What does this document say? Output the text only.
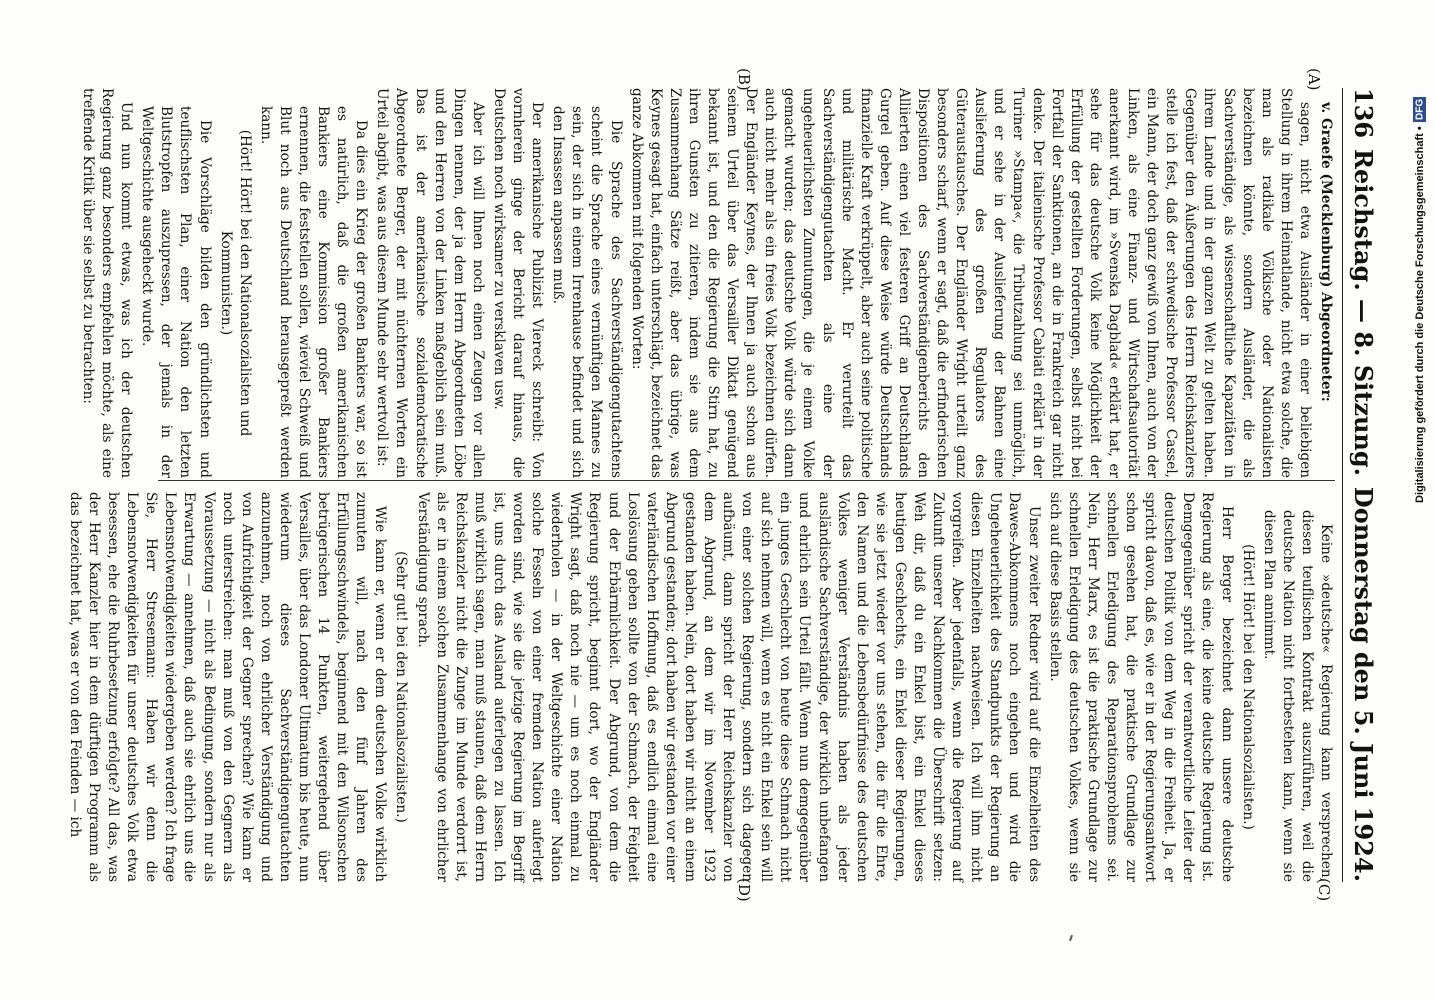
136
Reichstag. — 8. Sitzung.
Donnerstag den 5. Juni 1924.

v. Graefe (Mecklenburg) Abgeordneter:

sagen, nicht etwa Ausländer in einer beliebigen Stellung in ihrem Heimatlande, nicht etwa solche, die man als radikale Völkische oder Nationalisten bezeichnen könnte, sondern Ausländer, die als Sachverständige, als wissenschaftliche Kapazitäten in ihrem Lande und in der ganzen Welt zu gelten haben. Gegenüber den Äußerungen des Herrn Reichskanzlers stelle ich fest, daß der schwedische Professor Cassel, ein Mann, der doch ganz gewiß von Ihnen, auch von der Linken, als eine Finanz- und Wirtschaftsautorität anerkannt wird, im »Svenska Dagblad« erklärt hat, er sehe für das deutsche Volk keine Möglichkeit der Erfüllung der gestellten Forderungen, selbst nicht bei Fortfall der Sanktionen, an die in Frankreich gar nicht denke. Der italienische Professor Cabiati erklärt in der Turiner »Stampa«, die Tributzahlung sei unmöglich, und er sehe in der Auslieferung der Bahnen eine Auslieferung des großen Regulators des Güteraustausches. Der Engländer Wright urteilt ganz besonders scharf, wenn er sagt, daß die erfinderischen Dispositionen des Sachverständigenberichts den Alliierten einen viel festeren Griff an Deutschlands Gurgel geben. Auf diese Weise würde Deutschlands finanzielle Kraft verkrüppelt, aber auch seine politische und militärische Macht. Er verurteilt das Sachverständigengutachten als eine der ungeheuerlichsten Zumutungen, die je einem Volke gemacht wurden; das deutsche Volk würde sich dann auch nicht mehr als ein freies Volk bezeichnen dürfen. Der Engländer Keynes, der Ihnen ja auch schon aus seinem Urteil über das Versailler Diktat genügend bekannt ist, und den die Regierung die Stirn hat, zu ihren Gunsten zu zitieren, indem sie aus dem Zusammenhang Sätze reißt, aber das übrige, was Keynes gesagt hat, einfach unterschlägt, bezeichnet das ganze Abkommen mit folgenden Worten:

Die Sprache des Sachverständigengutachtens scheint die Sprache eines vernünftigen Mannes zu sein, der sich in einem Irrenhause befindet und sich den Insassen anpassen muß.

Der amerikanische Publizist Viereck schreibt: Von vornherein ginge der Bericht darauf hinaus, die Deutschen noch wirksamer zu versklaven usw.

Aber ich will Ihnen noch einen Zeugen vor allen Dingen nennen, der ja dem Herrn Abgeordneten Löbe und den Herren von der Linken maßgeblich sein muß. Das ist der amerikanische sozialdemokratische Abgeordnete Berger, der mit nüchternen Worten ein Urteil abgibt, was aus diesem Munde sehr wertvoll ist:

Da dies ein Krieg der großen Bankiers war, so ist es natürlich, daß die großen amerikanischen Bankiers eine Kommission großer Bankiers ernennen, die feststellen sollen, wieviel Schweiß und Blut noch aus Deutschland herausgepreßt werden kann.

(Hört! Hört! bei den Nationalsozialisten und Kommunisten.)

Die Vorschläge bilden den gründlichsten und teuflischsten Plan, einer Nation den letzten Blutstropfen auszupressen, der jemals in der Weltgeschichte ausgeheckt wurde.

Und nun kommt etwas, was ich der deutschen Regierung ganz besonders empfehlen möchte, als eine treffende Kritik über sie selbst zu betrachten:

Keine »deutsche« Regierung kann versprechen, diesen teuflischen Kontrakt auszuführen, weil die deutsche Nation nicht fortbestehen kann, wenn sie diesen Plan annimmt.

(Hört! Hört! bei den Nationalsozialisten.)

Herr Berger bezeichnet dann unsere deutsche Regierung als eine, die keine deutsche Regierung ist. Demgegenüber spricht der verantwortliche Leiter der deutschen Politik von dem Weg in die Freiheit. Ja, er spricht davon, daß es, wie er in der Regierungsantwort schon gesehen hat, die praktische Grundlage zur schnellen Erledigung des Reparationsproblems sei. Nein, Herr Marx, es ist die praktische Grundlage zur schnellen Erledigung des deutschen Volkes, wenn sie sich auf diese Basis stellen.

Unser zweiter Redner wird auf die Einzelheiten des Dawes-Abkommens noch eingehen und wird die Ungeheuerlichkeit des Standpunkts der Regierung an diesen Einzelheiten nachweisen. Ich will ihm nicht vorgreifen. Aber jedenfalls, wenn die Regierung auf Zukunft unserer Nachkommen die Überschrift setzen: Weh dir, daß du ein Enkel bist, ein Enkel dieses heutigen Geschlechts, ein Enkel dieser Regierungen, wie sie jetzt wieder vor uns stehen, die für die Ehre, den Namen und die Lebensbedürfnisse des deutschen Volkes weniger Verständnis haben als jeder ausländische Sachverständige, der wirklich unbefangen und ehrlich sein Urteil fällt. Wenn nun demgegenüber ein junges Geschlecht von heute diese Schmach nicht auf sich nehmen will, wenn es nicht ein Enkel sein will von einer solchen Regierung, sondern sich dagegen aufbäumt, dann spricht der Herr Reichskanzler von dem Abgrund, an dem wir im November 1923 gestanden haben. Nein, dort haben wir nicht an einem Abgrund gestanden; dort haben wir gestanden vor einer vaterländischen Hoffnung, daß es endlich einmal eine Loslösung geben sollte von der Schmach, der Feigheit und der Erbärmlichkeit. Der Abgrund, von dem die Regierung spricht, beginnt dort, wo der Engländer Wright sagt, daß noch nie — um es noch einmal zu wiederholen — in der Weltgeschichte einer Nation solche Fesseln von einer fremden Nation auferlegt worden sind, wie sie die jetzige Regierung im Begriff ist, uns durch das Ausland auferlegen zu lassen. Ich muß wirklich sagen, man muß staunen, daß dem Herrn Reichskanzler nicht die Zunge im Munde verdorrt ist, als er in einem solchen Zusammenhange von ehrlicher Verständigung sprach.

(Sehr gut! bei den Nationalsozialisten.)

Wie kann er, wenn er dem deutschen Volke wirklich zumuten will, nach den fünf Jahren des Erfüllungsschwindels, beginnend mit den Wilsonschen betrügerischen 14 Punkten, weitergehend über Versailles, über das Londoner Ultimatum bis heute, nun wiederum dieses Sachverständigengutachten anzunehmen, noch von ehrlicher Verständigung und von Aufrichtigkeit der Gegner sprechen? Wie kann er noch unterstreichen: man muß von den Gegnern als Voraussetzung — nicht als Bedingung, sondern nur als Erwartung — annehmen, daß auch sie ehrlich uns die Lebensnotwendigkeiten wiedergeben werden? Ich frage Sie, Herr Stresemann: Haben wir denn die Lebensnotwendigkeiten für unser deutsches Volk etwa besessen, ehe die Ruhrbesetzung erfolgte? All das, was der Herr Kanzler hier in dem dürftigen Programm als das bezeichnet hat, was er von den Feinden — ich

(A)
(B)
(C)
(D)
Digitalisierung gefördert durch die Deutsche Forschungsgemeinschaft •
DFG
